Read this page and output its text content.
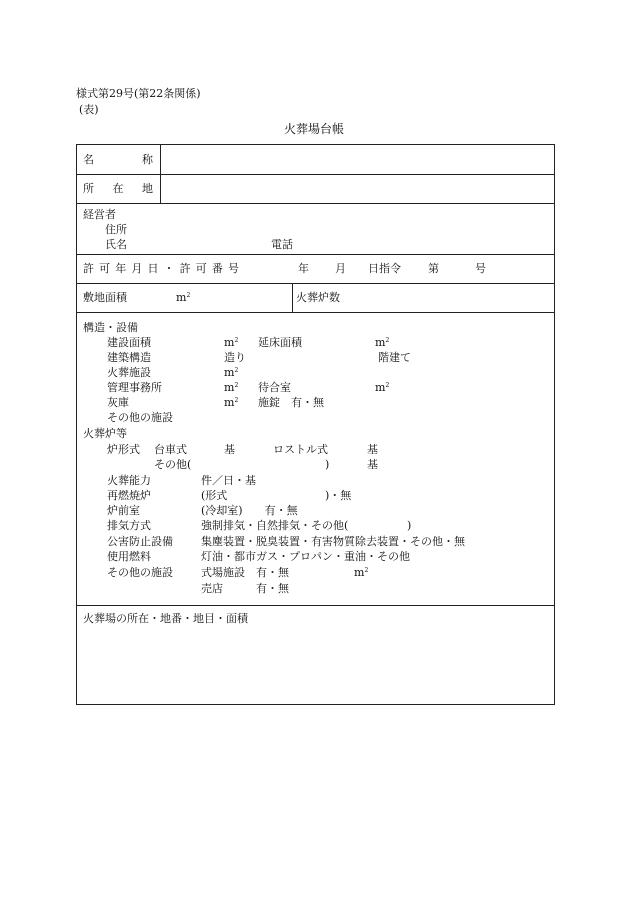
様式第29号(第22条関係)
(表)
火葬場台帳
名	称
所 在 地
経営者
住所
氏名	電話
許 可 年 月 日 ・ 許 可 番 号	年 月 日指令 第	号
敷地面積	$m^2$	火葬炉数
構造・設備
建設面積	$m^2$ 延床面積	$m^2$
建築構造	造り	階建て
火葬施設	$m^2$
管理事務所	$m^2$ 待合室	$m^2$
灰庫	$m^2$ 施錠　有・無
その他の施設
火葬炉等
炉形式 台車式	基	ロストル式	基
その他(	)	基
火葬能力	件／日・基
再燃焼炉	(形式	)・無
炉前室	(冷却室)　　有・無
排気方式	強制排気・自然排気・その他(	)
公害防止設備	集塵装置・脱臭装置・有害物質除去装置・その他・無
使用燃料	灯油・都市ガス・プロパン・重油・その他
その他の施設	式場施設　有・無	$m^2$
売店　　　有・無
火葬場の所在・地番・地目・面積
